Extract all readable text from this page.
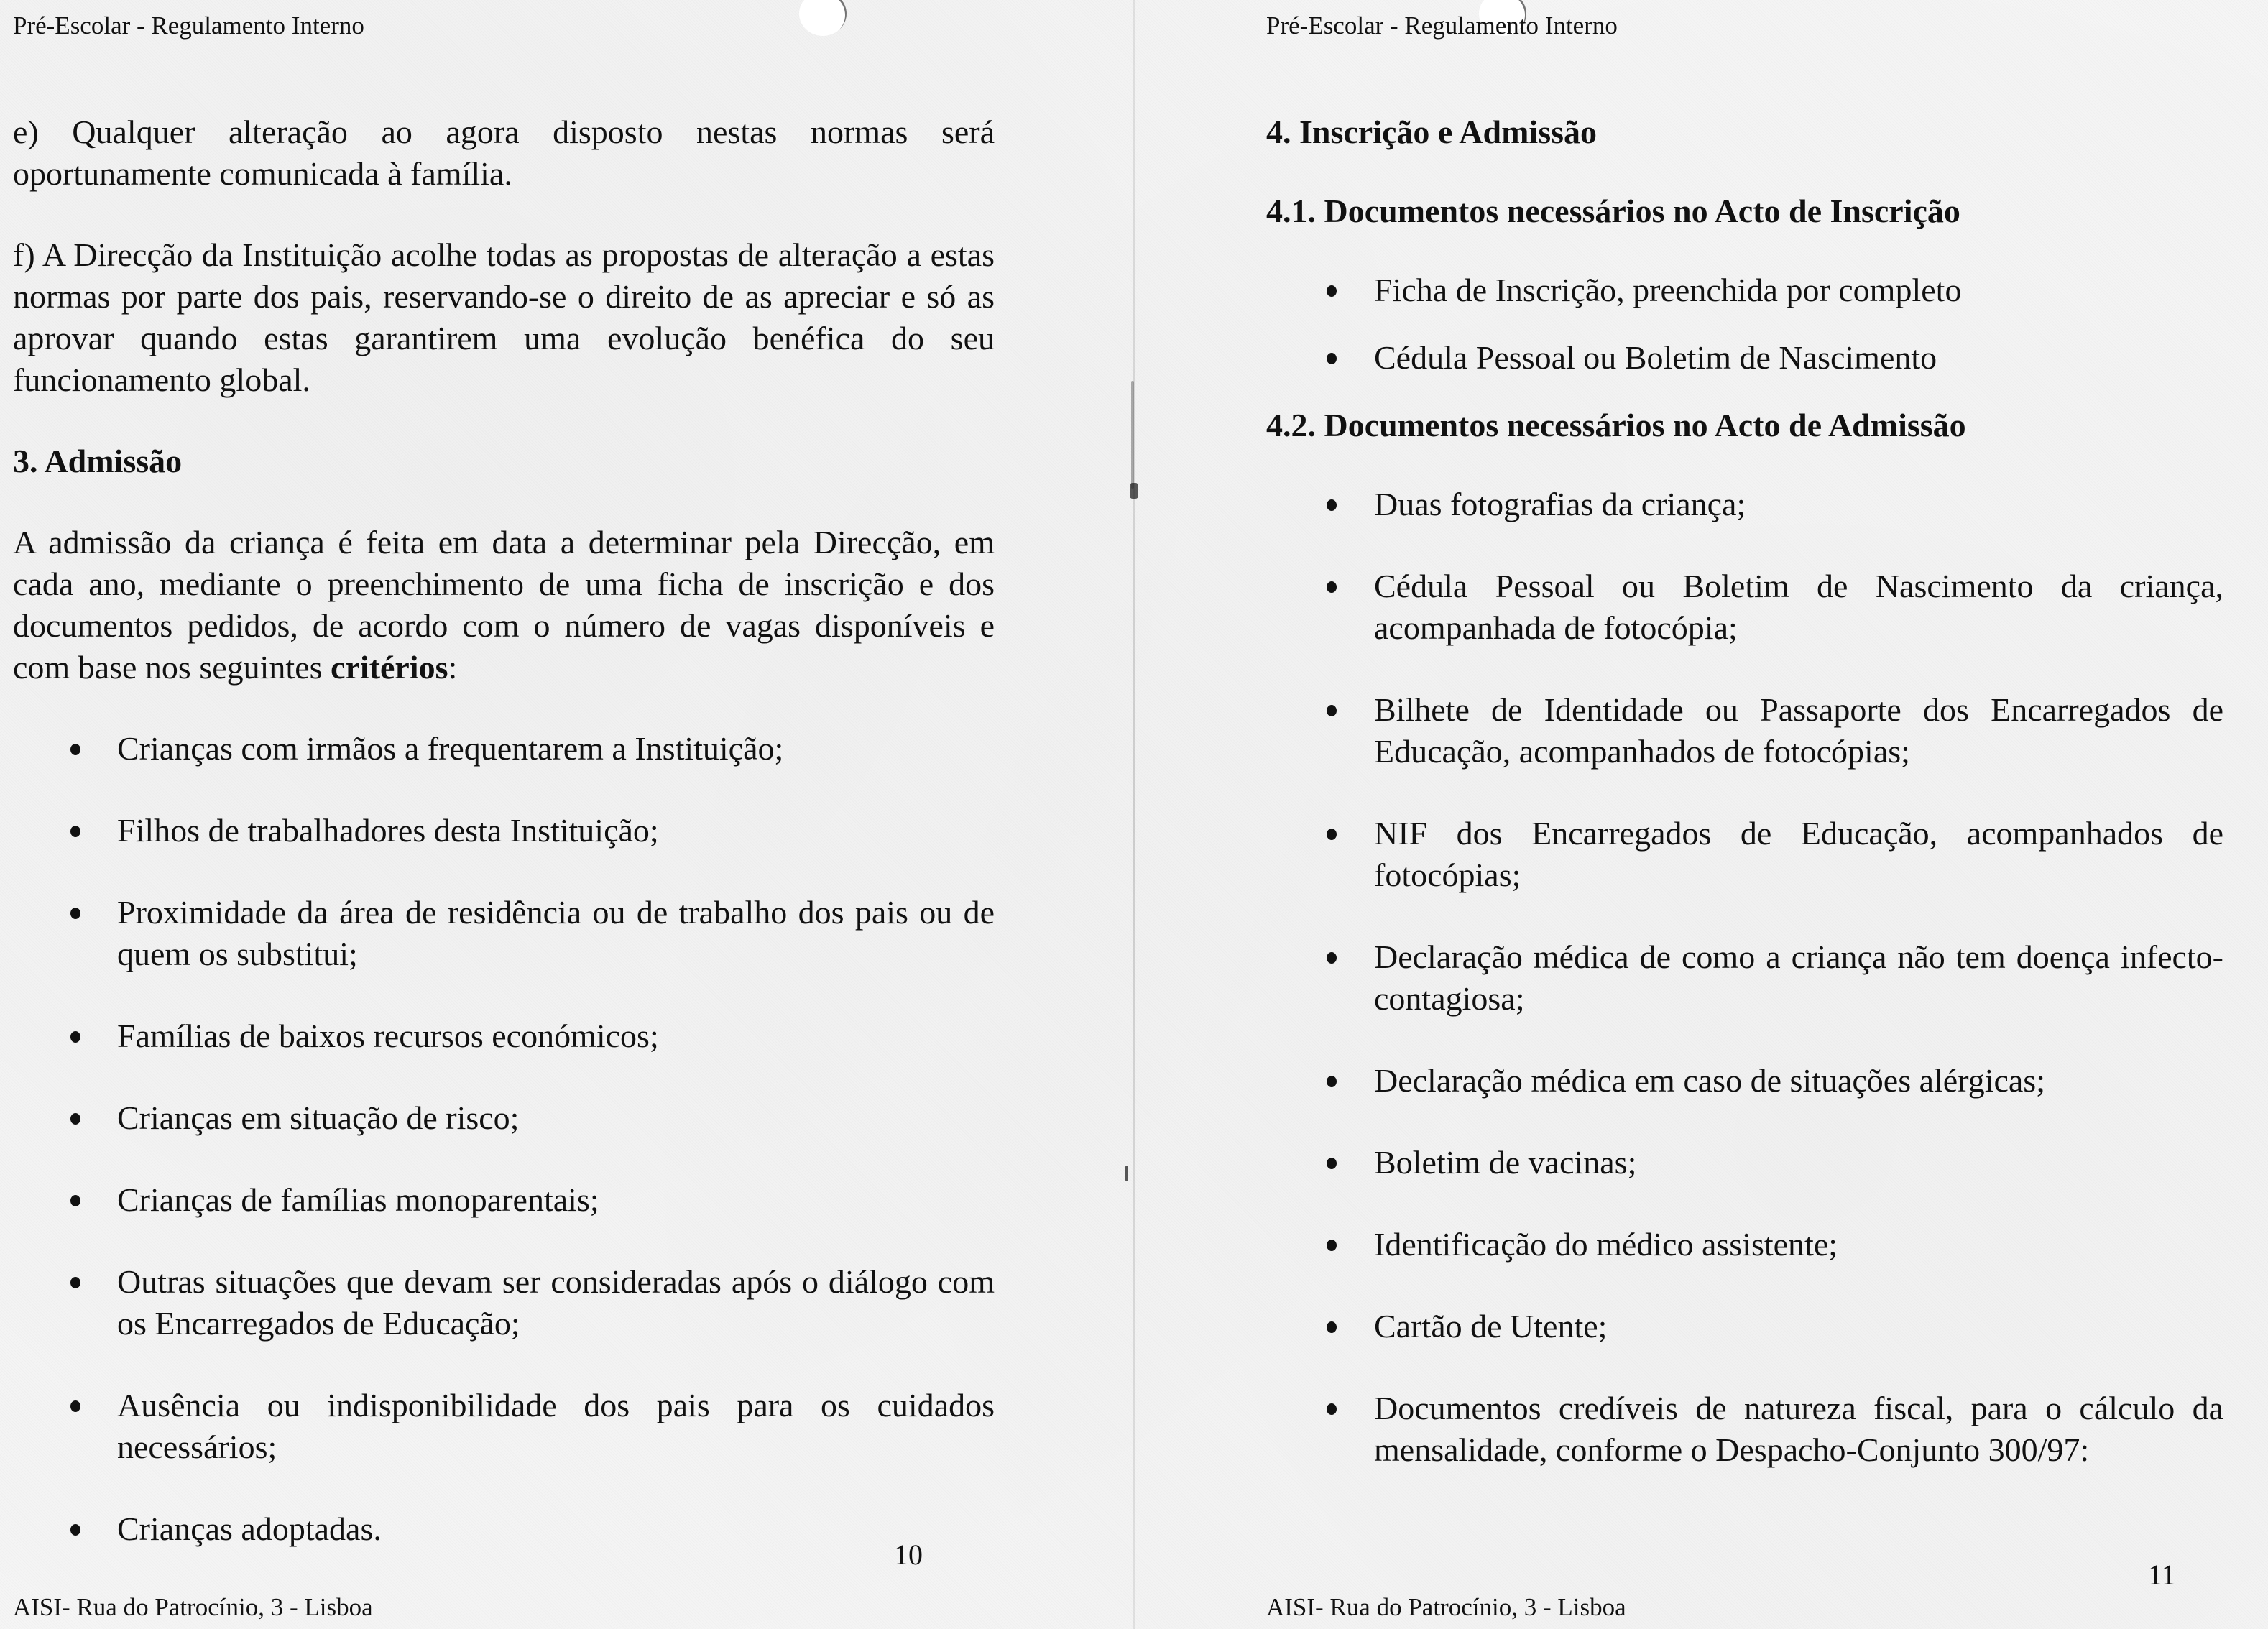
Pré-Escolar - Regulamento Interno

e) Qualquer alteração ao agora disposto nestas normas será oportunamente comunicada à família.

f) A Direcção da Instituição acolhe todas as propostas de alteração a estas normas por parte dos pais, reservando-se o direito de as apreciar e só as aprovar quando estas garantirem uma evolução benéfica do seu funcionamento global.

3. Admissão

A admissão da criança é feita em data a determinar pela Direcção, em cada ano, mediante o preenchimento de uma ficha de inscrição e dos documentos pedidos, de acordo com o número de vagas disponíveis e com base nos seguintes critérios:

Crianças com irmãos a frequentarem a Instituição;
Filhos de trabalhadores desta Instituição;
Proximidade da área de residência ou de trabalho dos pais ou de quem os substitui;
Famílias de baixos recursos económicos;
Crianças em situação de risco;
Crianças de famílias monoparentais;
Outras situações que devam ser consideradas após o diálogo com os Encarregados de Educação;
Ausência ou indisponibilidade dos pais para os cuidados necessários;
Crianças adoptadas.
10
AISI- Rua do Patrocínio, 3 - Lisboa
Pré-Escolar - Regulamento Interno
4. Inscrição e Admissão
4.1. Documentos necessários no Acto de Inscrição
Ficha de Inscrição, preenchida por completo
Cédula Pessoal ou Boletim de Nascimento
4.2. Documentos necessários no Acto de Admissão
Duas fotografias da criança;
Cédula Pessoal ou Boletim de Nascimento da criança, acompanhada de fotocópia;
Bilhete de Identidade ou Passaporte dos Encarregados de Educação, acompanhados de fotocópias;
NIF dos Encarregados de Educação, acompanhados de fotocópias;
Declaração médica de como a criança não tem doença infecto-contagiosa;
Declaração médica em caso de situações alérgicas;
Boletim de vacinas;
Identificação do médico assistente;
Cartão de Utente;
Documentos credíveis de natureza fiscal, para o cálculo da mensalidade, conforme o Despacho-Conjunto 300/97:
11
AISI- Rua do Patrocínio, 3 - Lisboa
